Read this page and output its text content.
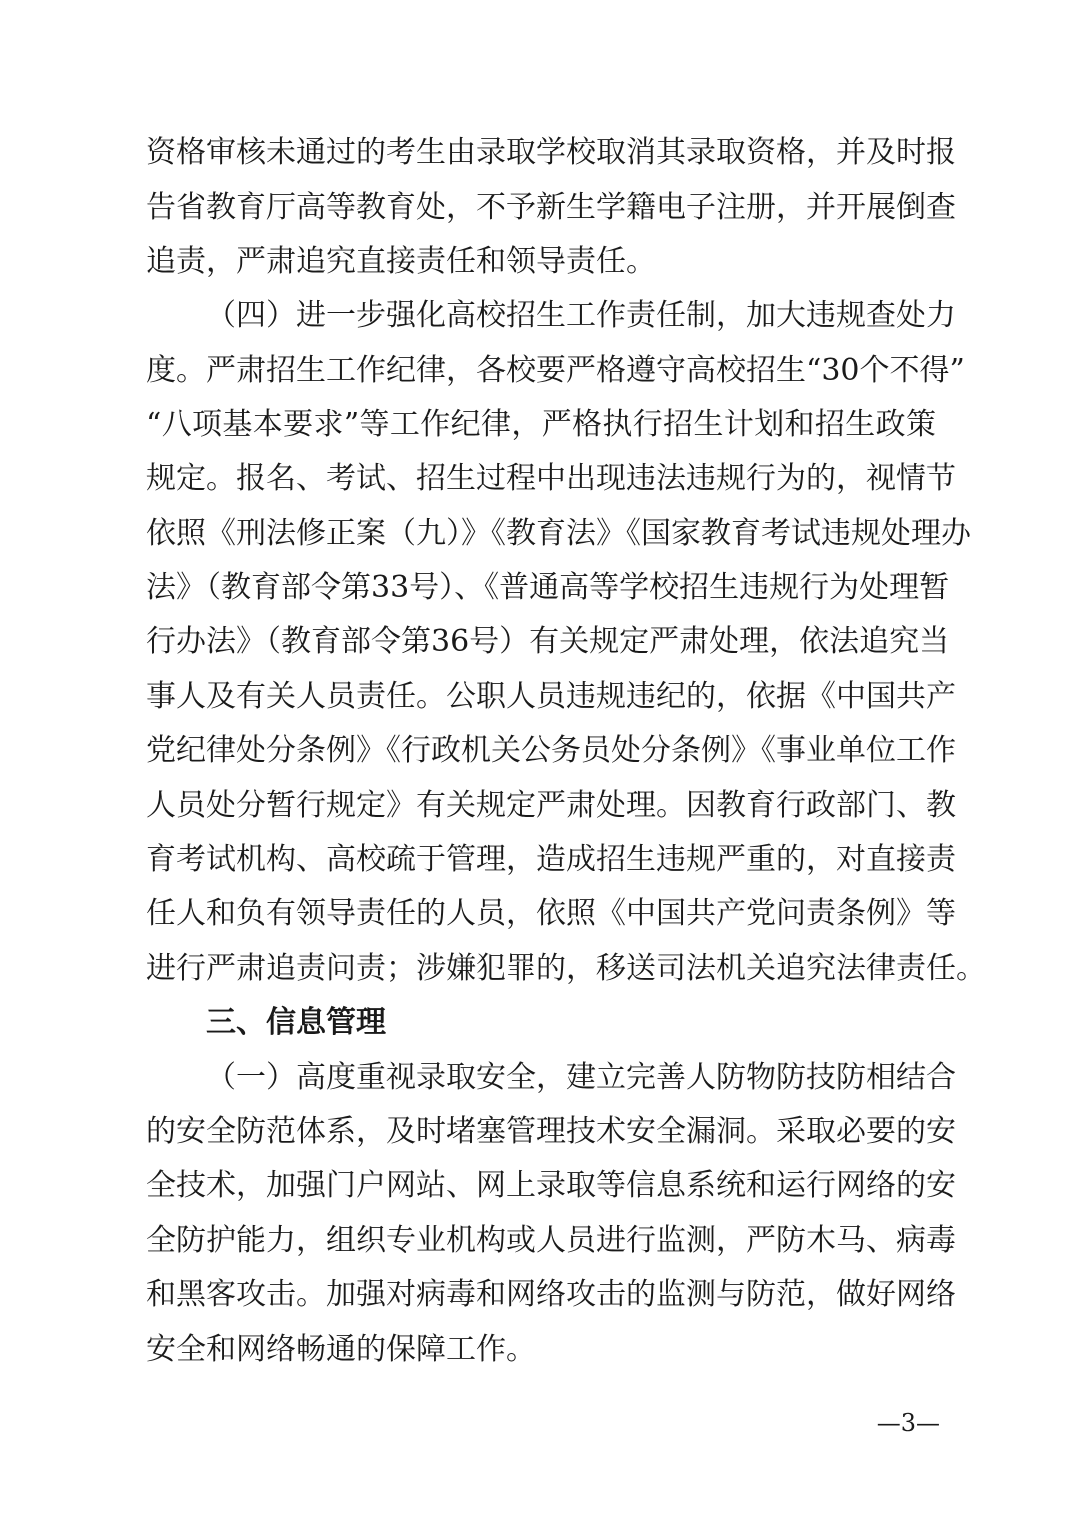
资格审核未通过的考生由录取学校取消其录取资格，并及时报
告省教育厅高等教育处，不予新生学籍电子注册，并开展倒查
追责，严肃追究直接责任和领导责任。
（四）进一步强化高校招生工作责任制，加大违规查处力
度。严肃招生工作纪律，各校要严格遵守高校招生“30个不得”
“八项基本要求”等工作纪律，严格执行招生计划和招生政策
规定。报名、考试、招生过程中出现违法违规行为的，视情节
依照《刑法修正案（九）》《教育法》《国家教育考试违规处理办
法》（教育部令第33号）、《普通高等学校招生违规行为处理暂
行办法》（教育部令第36号）有关规定严肃处理，依法追究当
事人及有关人员责任。公职人员违规违纪的，依据《中国共产
党纪律处分条例》《行政机关公务员处分条例》《事业单位工作
人员处分暂行规定》有关规定严肃处理。因教育行政部门、教
育考试机构、高校疏于管理，造成招生违规严重的，对直接责
任人和负有领导责任的人员，依照《中国共产党问责条例》等
进行严肃追责问责；涉嫌犯罪的，移送司法机关追究法律责任。
三、信息管理
（一）高度重视录取安全，建立完善人防物防技防相结合
的安全防范体系，及时堵塞管理技术安全漏洞。采取必要的安
全技术，加强门户网站、网上录取等信息系统和运行网络的安
全防护能力，组织专业机构或人员进行监测，严防木马、病毒
和黑客攻击。加强对病毒和网络攻击的监测与防范，做好网络
安全和网络畅通的保障工作。
—3—
